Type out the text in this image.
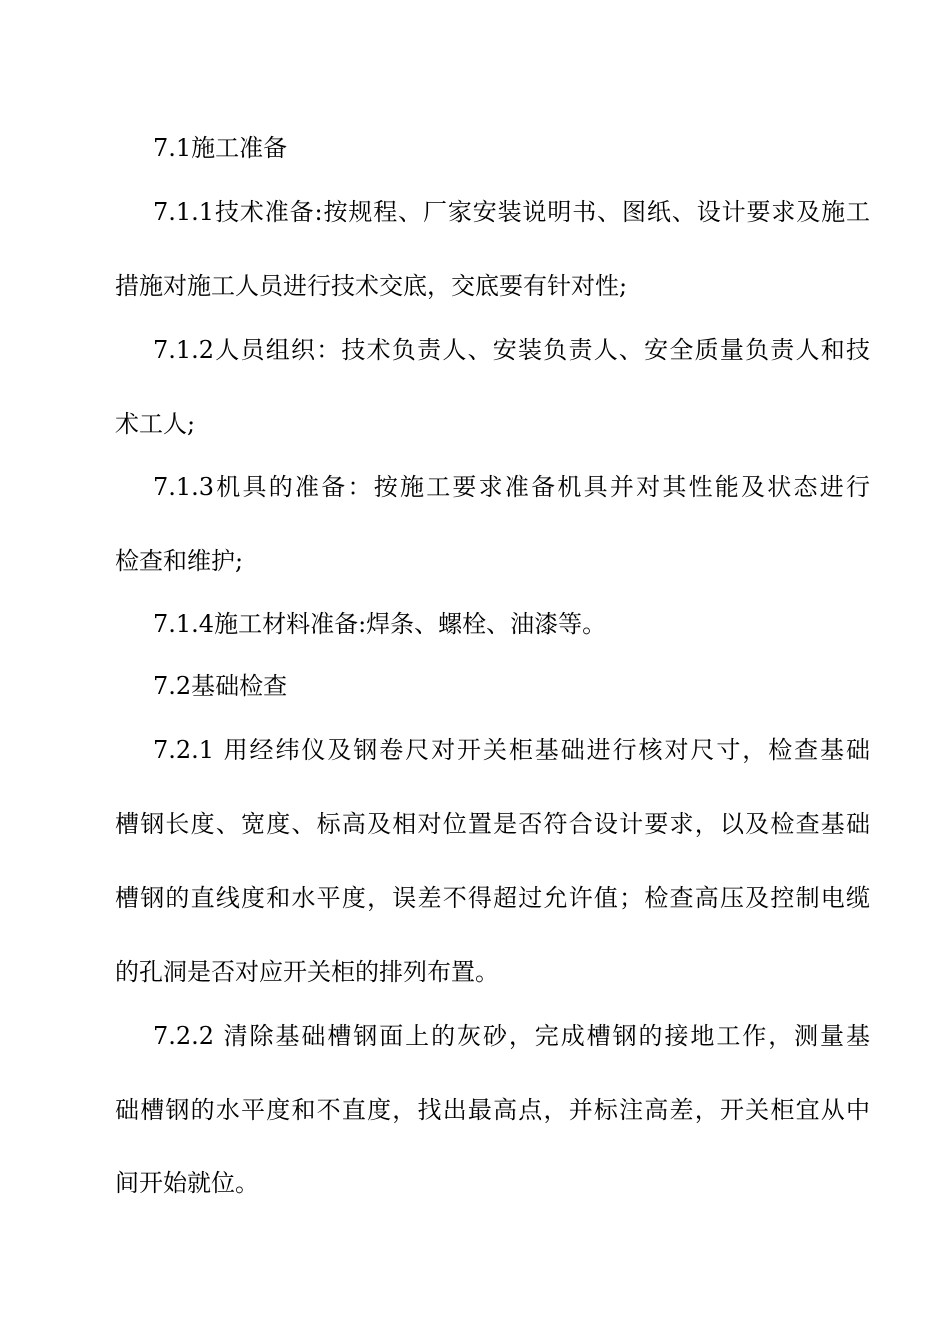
7.1施工准备
7.1.1技术准备:按规程、厂家安装说明书、图纸、设计要求及施工
措施对施工人员进行技术交底，交底要有针对性;
7.1.2人员组织：技术负责人、安装负责人、安全质量负责人和技
术工人;
7.1.3机具的准备：按施工要求准备机具并对其性能及状态进行
检查和维护;
7.1.4施工材料准备:焊条、螺栓、油漆等。
7.2基础检查
7.2.1 用经纬仪及钢卷尺对开关柜基础进行核对尺寸，检查基础
槽钢长度、宽度、标高及相对位置是否符合设计要求，以及检查基础
槽钢的直线度和水平度，误差不得超过允许值；检查高压及控制电缆
的孔洞是否对应开关柜的排列布置。
7.2.2 清除基础槽钢面上的灰砂，完成槽钢的接地工作，测量基
础槽钢的水平度和不直度，找出最高点，并标注高差，开关柜宜从中
间开始就位。
